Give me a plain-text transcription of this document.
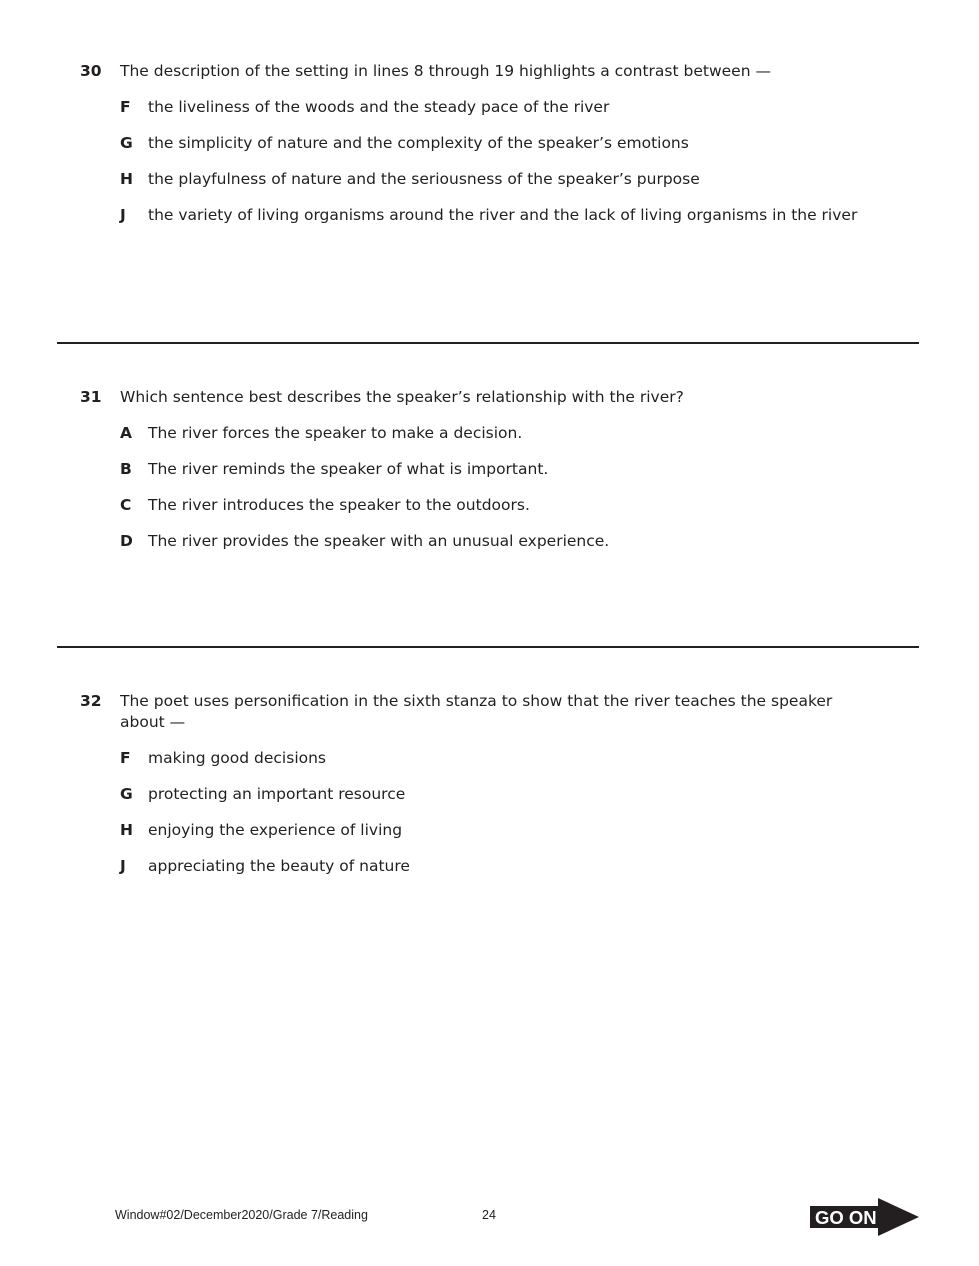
30 The description of the setting in lines 8 through 19 highlights a contrast between —
F the liveliness of the woods and the steady pace of the river
G the simplicity of nature and the complexity of the speaker’s emotions
H the playfulness of nature and the seriousness of the speaker’s purpose
J the variety of living organisms around the river and the lack of living organisms in the river
31 Which sentence best describes the speaker’s relationship with the river?
A The river forces the speaker to make a decision.
B The river reminds the speaker of what is important.
C The river introduces the speaker to the outdoors.
D The river provides the speaker with an unusual experience.
32 The poet uses personification in the sixth stanza to show that the river teaches the speaker about —
F making good decisions
G protecting an important resource
H enjoying the experience of living
J appreciating the beauty of nature
Window#02/December2020/Grade 7/Reading	24	GO ON
